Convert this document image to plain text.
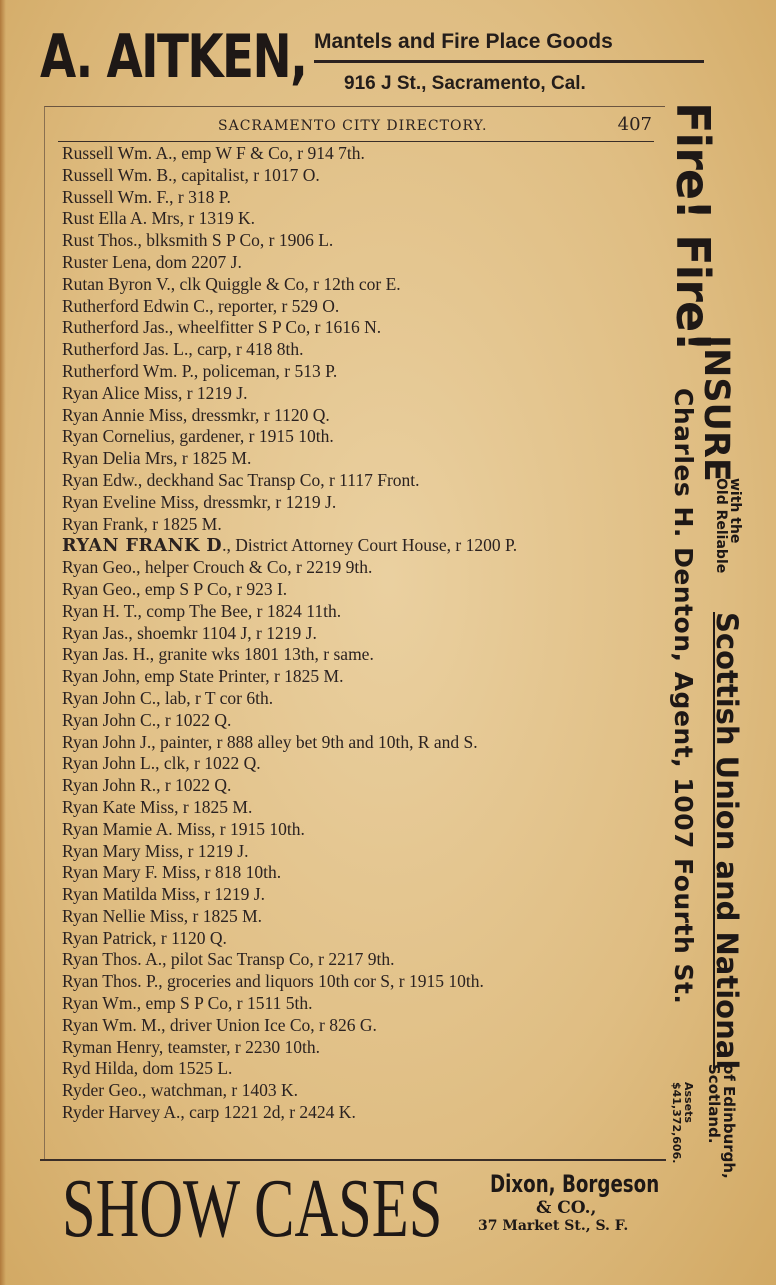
A. AITKEN, Mantels and Fire Place Goods
916 J St., Sacramento, Cal.
SACRAMENTO CITY DIRECTORY.	407
Russell Wm. A., emp W F & Co, r 914 7th.
Russell Wm. B., capitalist, r 1017 O.
Russell Wm. F., r 318 P.
Rust Ella A. Mrs, r 1319 K.
Rust Thos., blksmith S P Co, r 1906 L.
Ruster Lena, dom 2207 J.
Rutan Byron V., clk Quiggle & Co, r 12th cor E.
Rutherford Edwin C., reporter, r 529 O.
Rutherford Jas., wheelfitter S P Co, r 1616 N.
Rutherford Jas. L., carp, r 418 8th.
Rutherford Wm. P., policeman, r 513 P.
Ryan Alice Miss, r 1219 J.
Ryan Annie Miss, dressmkr, r 1120 Q.
Ryan Cornelius, gardener, r 1915 10th.
Ryan Delia Mrs, r 1825 M.
Ryan Edw., deckhand Sac Transp Co, r 1117 Front.
Ryan Eveline Miss, dressmkr, r 1219 J.
Ryan Frank, r 1825 M.
RYAN FRANK D., District Attorney Court House, r 1200 P.
Ryan Geo., helper Crouch & Co, r 2219 9th.
Ryan Geo., emp S P Co, r 923 I.
Ryan H. T., comp The Bee, r 1824 11th.
Ryan Jas., shoemkr 1104 J, r 1219 J.
Ryan Jas. H., granite wks 1801 13th, r same.
Ryan John, emp State Printer, r 1825 M.
Ryan John C., lab, r T cor 6th.
Ryan John C., r 1022 Q.
Ryan John J., painter, r 888 alley bet 9th and 10th, R and S.
Ryan John L., clk, r 1022 Q.
Ryan John R., r 1022 Q.
Ryan Kate Miss, r 1825 M.
Ryan Mamie A. Miss, r 1915 10th.
Ryan Mary Miss, r 1219 J.
Ryan Mary F. Miss, r 818 10th.
Ryan Matilda Miss, r 1219 J.
Ryan Nellie Miss, r 1825 M.
Ryan Patrick, r 1120 Q.
Ryan Thos. A., pilot Sac Transp Co, r 2217 9th.
Ryan Thos. P., groceries and liquors 10th cor S, r 1915 10th.
Ryan Wm., emp S P Co, r 1511 5th.
Ryan Wm. M., driver Union Ice Co, r 826 G.
Ryman Henry, teamster, r 2230 10th.
Ryd Hilda, dom 1525 L.
Ryder Geo., watchman, r 1403 K.
Ryder Harvey A., carp 1221 2d, r 2424 K.
SHOW CASES Dixon, Borgeson
& CO.,
37 Market St., S. F.
Fire! Fire!
INSURE
with the
Old Reliable
Scottish Union and National
Charles H. Denton, Agent, 1007 Fourth St.
of Edinburgh,
Scotland.
Assets
$41,372,606.
